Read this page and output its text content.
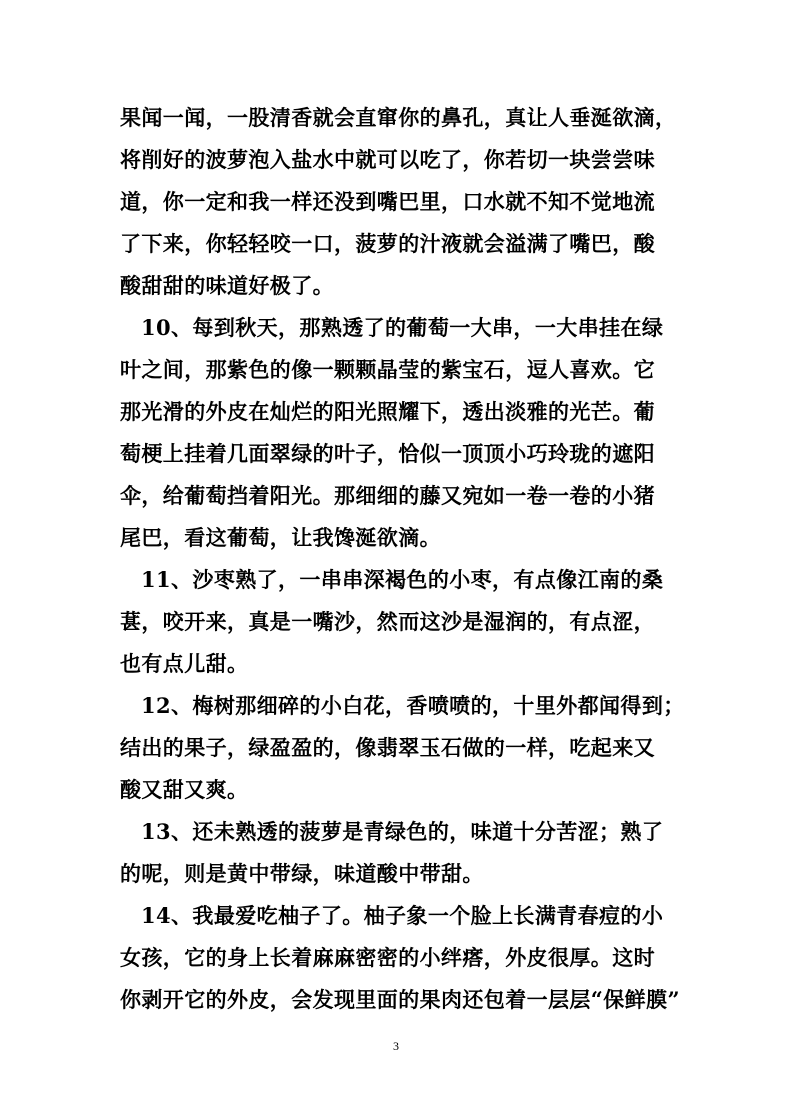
果闻一闻，一股清香就会直窜你的鼻孔，真让人垂涎欲滴，
将削好的波萝泡入盐水中就可以吃了，你若切一块尝尝味
道，你一定和我一样还没到嘴巴里，口水就不知不觉地流
了下来，你轻轻咬一口，菠萝的汁液就会溢满了嘴巴，酸
酸甜甜的味道好极了。
10、每到秋天，那熟透了的葡萄一大串，一大串挂在绿
叶之间，那紫色的像一颗颗晶莹的紫宝石，逗人喜欢。它
那光滑的外皮在灿烂的阳光照耀下，透出淡雅的光芒。葡
萄梗上挂着几面翠绿的叶子，恰似一顶顶小巧玲珑的遮阳
伞，给葡萄挡着阳光。那细细的藤又宛如一卷一卷的小猪
尾巴，看这葡萄，让我馋涎欲滴。
11、沙枣熟了，一串串深褐色的小枣，有点像江南的桑
葚，咬开来，真是一嘴沙，然而这沙是湿润的，有点涩，
也有点儿甜。
12、梅树那细碎的小白花，香喷喷的，十里外都闻得到；
结出的果子，绿盈盈的，像翡翠玉石做的一样，吃起来又
酸又甜又爽。
13、还未熟透的菠萝是青绿色的，味道十分苦涩；熟了
的呢，则是黄中带绿，味道酸中带甜。
14、我最爱吃柚子了。柚子象一个脸上长满青春痘的小
女孩，它的身上长着麻麻密密的小绊瘩，外皮很厚。这时
你剥开它的外皮，会发现里面的果肉还包着一层层“保鲜膜”
3
